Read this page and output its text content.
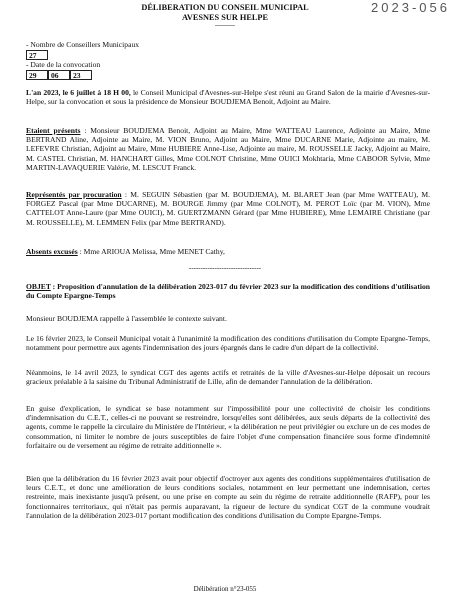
2023-056
DÉLIBERATION DU CONSEIL MUNICIPAL
AVESNES SUR HELPE
----------
- Nombre de Conseillers Municipaux
27
- Date de la convocation
29	06	23
L'an 2023, le 6 juillet à 18 H 00, le Conseil Municipal d'Avesnes-sur-Helpe s'est réuni au Grand Salon de la mairie d'Avesnes-sur-Helpe, sur la convocation et sous la présidence de Monsieur BOUDJEMA Benoit, Adjoint au Maire.
Etaient présents : Monsieur BOUDJEMA Benoit, Adjoint au Maire, Mme WATTEAU Laurence, Adjointe au Maire, Mme BERTRAND Aline, Adjointe au Maire, M. VION Bruno, Adjoint au Maire, Mme DUCARNE Marie, Adjointe au maire, M. LEFEVRE Christian, Adjoint au Maire, Mme HUBIERE Anne-Lise, Adjointe au maire, M. ROUSSELLE Jacky, Adjoint au Maire, M. CASTEL Christian, M. HANCHART Gilles, Mme COLNOT Christine, Mme OUICI Mokhtaria, Mme CABOOR Sylvie, Mme MARTIN-LAVAQUERIE Valérie, M. LESCUT Franck.
Représentés par procuration : M. SEGUIN Sébastien (par M. BOUDJEMA), M. BLARET Jean (par Mme WATTEAU), M. FORGEZ Pascal (par Mme DUCARNE), M. BOURGE Jimmy (par Mme COLNOT), M. PEROT Loïc (par M. VION), Mme CATTELOT Anne-Laure (par Mme OUICI), M. GUERTZMANN Gérard (par Mme HUBIERE), Mme LEMAIRE Christiane (par M. ROUSSELLE), M. LEMMEN Felix (par Mme BERTRAND).
Absents excusés : Mme ARIOUA Melissa, Mme MENET Cathy,
-------------------------------
OBJET : Proposition d'annulation de la délibération 2023-017 du février 2023 sur la modification des conditions d'utilisation du Compte Epargne-Temps
Monsieur BOUDJEMA rappelle à l'assemblée le contexte suivant.
Le 16 février 2023, le Conseil Municipal votait à l'unanimité la modification des conditions d'utilisation du Compte Epargne-Temps, notamment pour permettre aux agents l'indemnisation des jours épargnés dans le cadre d'un départ de la collectivité.
Néanmoins, le 14 avril 2023, le syndicat CGT des agents actifs et retraités de la ville d'Avesnes-sur-Helpe déposait un recours gracieux préalable à la saisine du Tribunal Administratif de Lille, afin de demander l'annulation de la délibération.
En guise d'explication, le syndicat se base notamment sur l'impossibilité pour une collectivité de choisir les conditions d'indemnisation du C.E.T., celles-ci ne pouvant se restreindre, lorsqu'elles sont délibérées, aux seuls départs de la collectivité des agents, comme le rappelle la circulaire du Ministère de l'Intérieur, « la délibération ne peut privilégier ou exclure un de ces modes de consommation, ni limiter le nombre de jours susceptibles de faire l'objet d'une compensation financière sous forme d'indemnité forfaitaire ou de versement au régime de retraite additionnelle ».
Bien que la délibération du 16 février 2023 avait pour objectif d'octroyer aux agents des conditions supplémentaires d'utilisation de leurs C.E.T., et donc une amélioration de leurs conditions sociales, notamment en leur permettant une indemnisation, certes restreinte, mais inexistante jusqu'à présent, ou une prise en compte au sein du régime de retraite additionnelle (RAFP), pour les fonctionnaires territoriaux, qui n'était pas permis auparavant, la rigueur de lecture du syndicat CGT de la commune voudrait l'annulation de la délibération 2023-017 portant modification des conditions d'utilisation du Compte Epargne-Temps.
Délibération n°23-055
